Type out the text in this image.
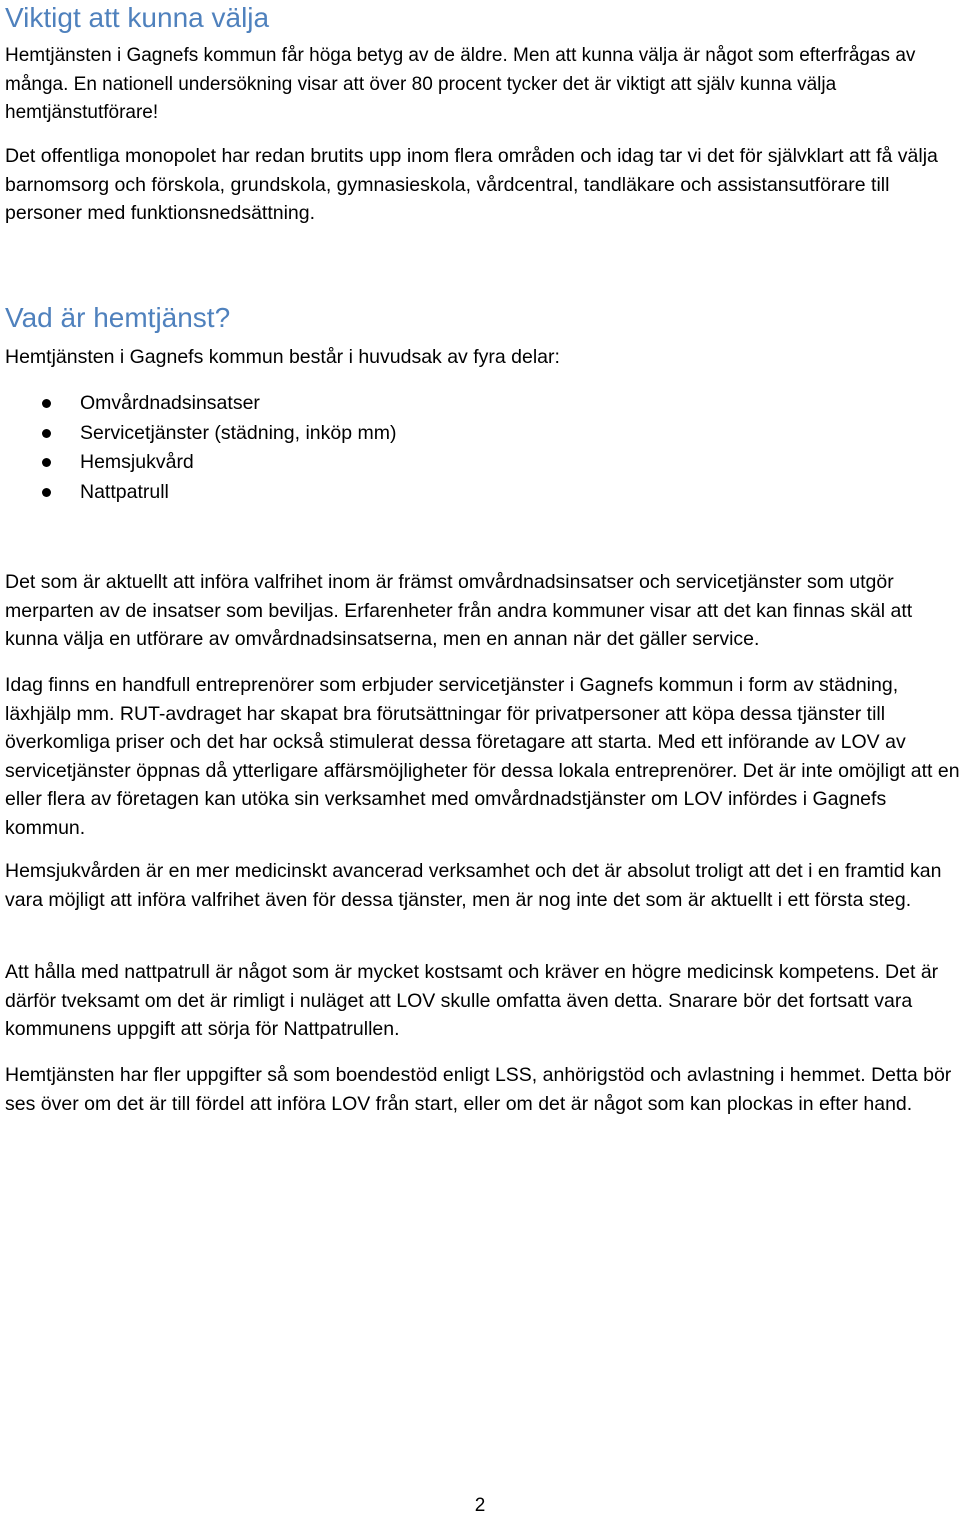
Viktigt att kunna välja

Hemtjänsten i Gagnefs kommun får höga betyg av de äldre. Men att kunna välja är något som efterfrågas av många. En nationell undersökning visar att över 80 procent tycker det är viktigt att själv kunna välja hemtjänstutförare!

Det offentliga monopolet har redan brutits upp inom flera områden och idag tar vi det för självklart att få välja barnomsorg och förskola, grundskola, gymnasieskola, vårdcentral, tandläkare och assistansutförare till personer med funktionsnedsättning.

Vad är hemtjänst?

Hemtjänsten i Gagnefs kommun består i huvudsak av fyra delar:

Omvårdnadsinsatser
Servicetjänster (städning, inköp mm)
Hemsjukvård
Nattpatrull

Det som är aktuellt att införa valfrihet inom är främst omvårdnadsinsatser och servicetjänster som utgör merparten av de insatser som beviljas. Erfarenheter från andra kommuner visar att det kan finnas skäl att kunna välja en utförare av omvårdnadsinsatserna, men en annan när det gäller service.

Idag finns en handfull entreprenörer som erbjuder servicetjänster i Gagnefs kommun i form av städning, läxhjälp mm. RUT-avdraget har skapat bra förutsättningar för privatpersoner att köpa dessa tjänster till överkomliga priser och det har också stimulerat dessa företagare att starta. Med ett införande av LOV av servicetjänster öppnas då ytterligare affärsmöjligheter för dessa lokala entreprenörer. Det är inte omöjligt att en eller flera av företagen kan utöka sin verksamhet med omvårdnadstjänster om LOV infördes i Gagnefs kommun.

Hemsjukvården är en mer medicinskt avancerad verksamhet och det är absolut troligt att det i en framtid kan vara möjligt att införa valfrihet även för dessa tjänster, men är nog inte det som är aktuellt i ett första steg.

Att hålla med nattpatrull är något som är mycket kostsamt och kräver en högre medicinsk kompetens. Det är därför tveksamt om det är rimligt i nuläget att LOV skulle omfatta även detta. Snarare bör det fortsatt vara kommunens uppgift att sörja för Nattpatrullen.

Hemtjänsten har fler uppgifter så som boendestöd enligt LSS, anhörigstöd och avlastning i hemmet. Detta bör ses över om det är till fördel att införa LOV från start, eller om det är något som kan plockas in efter hand.

2
